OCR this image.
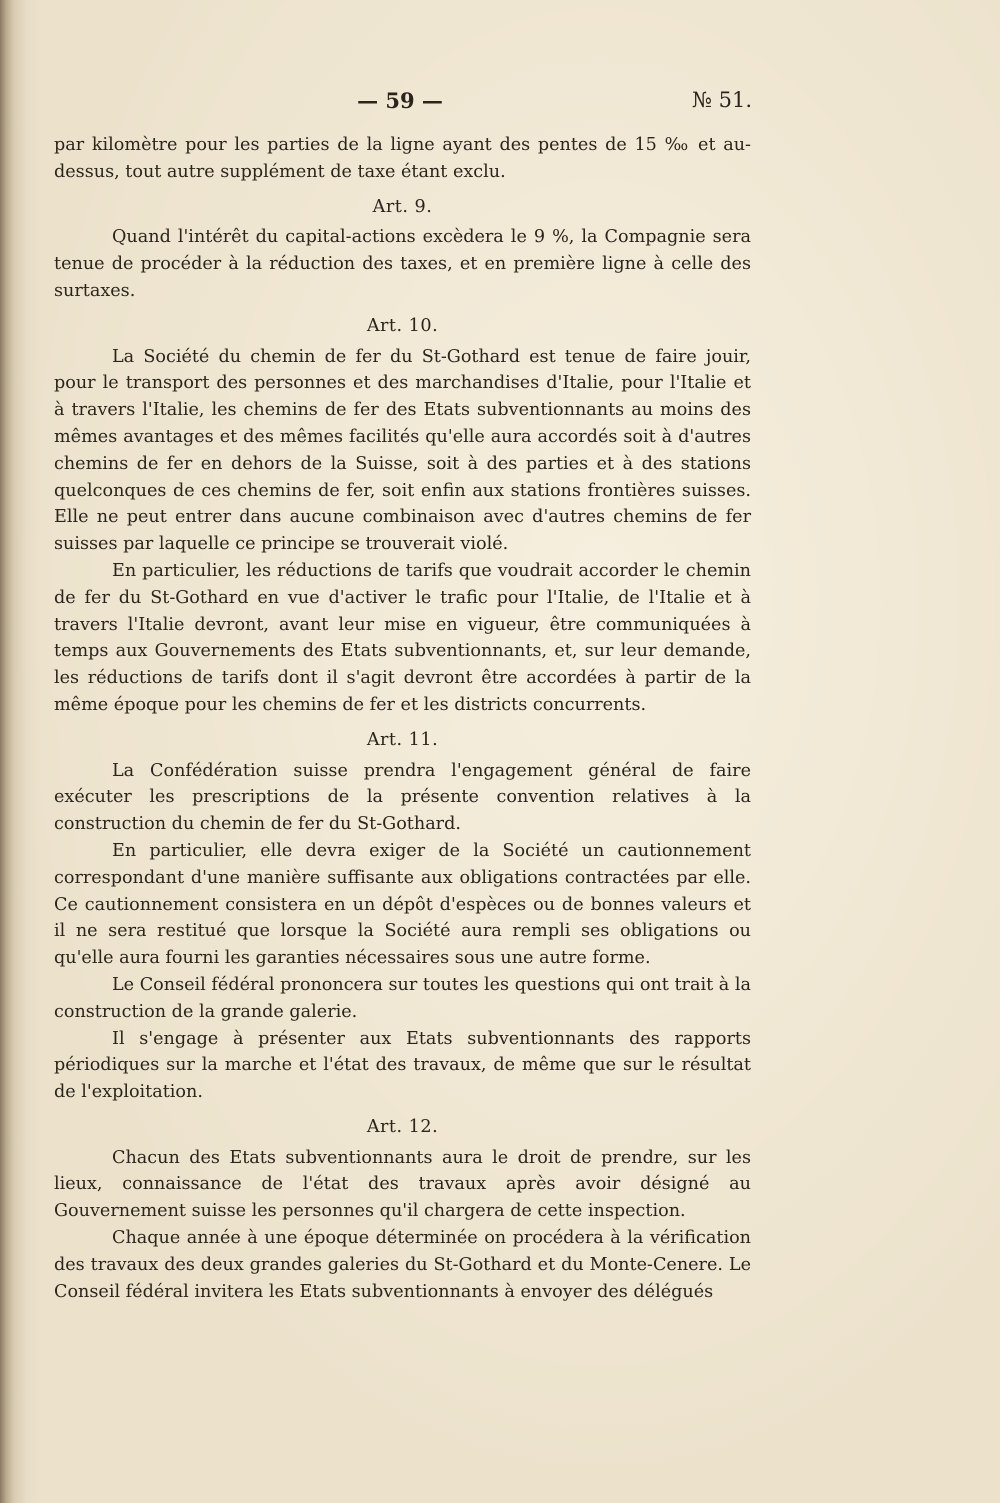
— 59 —	№ 51.

par kilomètre pour les parties de la ligne ayant des pentes de 15 ‰ et au-dessus, tout autre supplément de taxe étant exclu.

Art. 9.

Quand l'intérêt du capital-actions excèdera le 9 %, la Compagnie sera tenue de procéder à la réduction des taxes, et en première ligne à celle des surtaxes.

Art. 10.

La Société du chemin de fer du St-Gothard est tenue de faire jouir, pour le transport des personnes et des marchandises d'Italie, pour l'Italie et à travers l'Italie, les chemins de fer des Etats subventionnants au moins des mêmes avantages et des mêmes facilités qu'elle aura accordés soit à d'autres chemins de fer en dehors de la Suisse, soit à des parties et à des stations quelconques de ces chemins de fer, soit enfin aux stations frontières suisses. Elle ne peut entrer dans aucune combinaison avec d'autres chemins de fer suisses par laquelle ce principe se trouverait violé.

En particulier, les réductions de tarifs que voudrait accorder le chemin de fer du St-Gothard en vue d'activer le trafic pour l'Italie, de l'Italie et à travers l'Italie devront, avant leur mise en vigueur, être communiquées à temps aux Gouvernements des Etats subventionnants, et, sur leur demande, les réductions de tarifs dont il s'agit devront être accordées à partir de la même époque pour les chemins de fer et les districts concurrents.

Art. 11.

La Confédération suisse prendra l'engagement général de faire exécuter les prescriptions de la présente convention relatives à la construction du chemin de fer du St-Gothard.

En particulier, elle devra exiger de la Société un cautionnement correspondant d'une manière suffisante aux obligations contractées par elle. Ce cautionnement consistera en un dépôt d'espèces ou de bonnes valeurs et il ne sera restitué que lorsque la Société aura rempli ses obligations ou qu'elle aura fourni les garanties nécessaires sous une autre forme.

Le Conseil fédéral prononcera sur toutes les questions qui ont trait à la construction de la grande galerie.

Il s'engage à présenter aux Etats subventionnants des rapports périodiques sur la marche et l'état des travaux, de même que sur le résultat de l'exploitation.

Art. 12.

Chacun des Etats subventionnants aura le droit de prendre, sur les lieux, connaissance de l'état des travaux après avoir désigné au Gouvernement suisse les personnes qu'il chargera de cette inspection.

Chaque année à une époque déterminée on procédera à la vérification des travaux des deux grandes galeries du St-Gothard et du Monte-Cenere. Le Conseil fédéral invitera les Etats subventionnants à envoyer des délégués
